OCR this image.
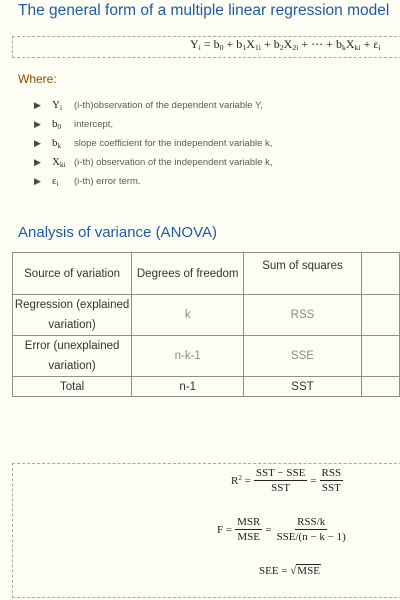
The general form of a multiple linear regression model
$Y_i = b_0 + b_1X_{1i} + b_2X_{2i}$ + ⋯ + $b_kX_{ki} + \varepsilon_i$
Where:
▶	$Y_i$	(i-th)observation of the dependent variable Y,
▶	$b_0$	intercept,
▶	$b_k$	slope coefficient for the independent variable k,
▶	$X_{ki}$ (i-th) observation of the independent variable k,
▶	$\varepsilon_i$	(i-th) error term.
Analysis of variance (ANOVA)
Source of variation	Degrees of freedom	Sum of squares	
Regression (explained variation)	k	RSS	
Error (unexplained variation)	n-k-1	SSE	
Total	n-1	SST	
$R^2 = \frac{\text{SST − SSE}}{\text{SST}} = \frac{\text{RSS}}{\text{SST}}$
$F = \frac{\text{MSR}}{\text{MSE}} = \frac{\text{RSS/k}}{\text{SSE/(n − k − 1)}}$
SEE = √MSE
